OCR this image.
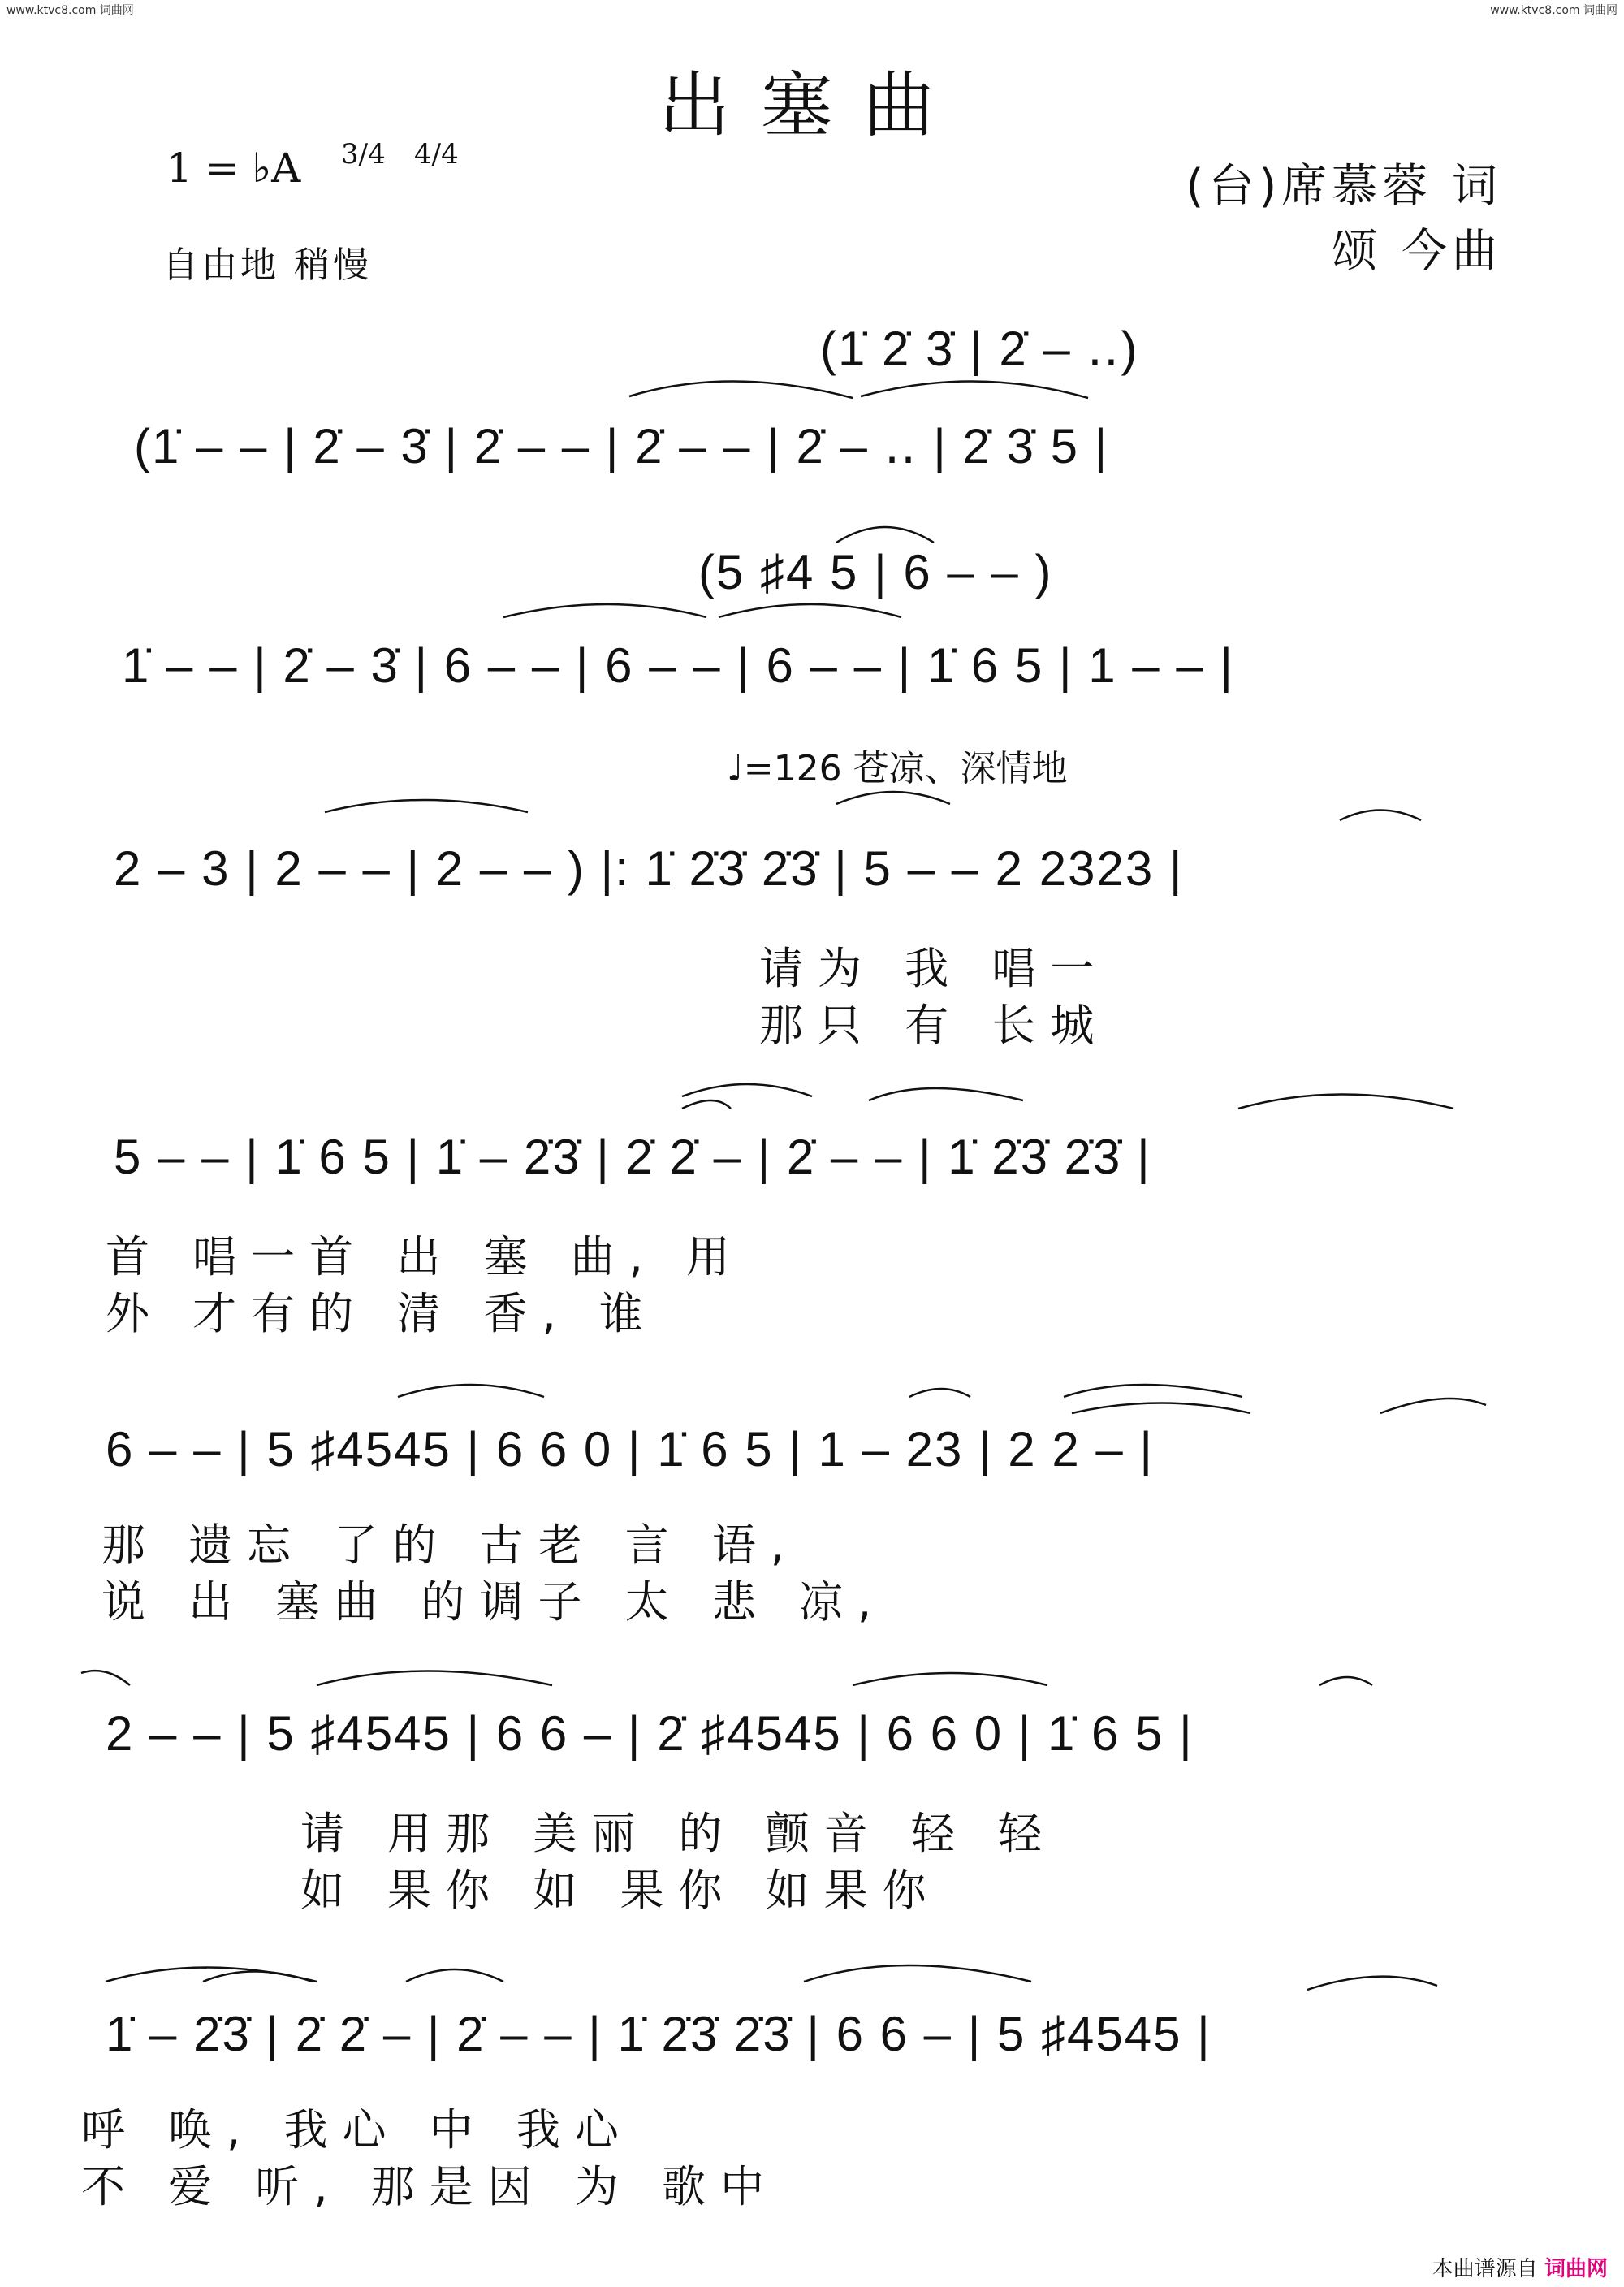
www.ktvc8.com 词曲网	www.ktvc8.com 词曲网
出塞曲
1 = ♭A 3/4 4/4
(台)席慕蓉 词
颂 今曲
自由地 稍慢
(1̇ 2̇ 3̇ | 2̇ – ‥)
(1̇ – – | 2̇ – 3̇ | 2̇ – – | 2̇ – – | 2̇ – ‥ | 2̇ 3̇ 5 |
(5 ♯4 5 | 6 – – )
1̇ – – | 2̇ – 3̇ | 6 – – | 6 – – | 6 – – | 1̇ 6 5 | 1 – – |
♩=126 苍凉、深情地
2 – 3 | 2 – – | 2 – – ) |: 1̇ 2̇3̇ 2̇3̇ | 5 – – 2 2323 |
请为 我 唱一
那只 有 长城
5 – – | 1̇ 6 5 | 1̇ – 2̇3̇ | 2̇ 2̇ – | 2̇ – – | 1̇ 2̇3̇ 2̇3̇ |
首 唱一首 出 塞 曲, 用
外 才有的 清 香, 谁
6 – – | 5 ♯4545 | 6 6 0 | 1̇ 6 5 | 1 – 23 | 2 2 – |
那 遗忘 了的 古老 言 语,
说 出 塞曲 的调子 太 悲 凉,
2 – – | 5 ♯4545 | 6 6 – | 2̇ ♯4545 | 6 6 0 | 1̇ 6 5 |
请 用那 美丽 的 颤音 轻 轻
如 果你 如 果你 如果你
1̇ – 2̇3̇ | 2̇ 2̇ – | 2̇ – – | 1̇ 2̇3̇ 2̇3̇ | 6 6 – | 5 ♯4545 |
呼 唤, 我心 中 我心
不 爱 听, 那是因 为 歌中
本曲谱源自 词曲网
